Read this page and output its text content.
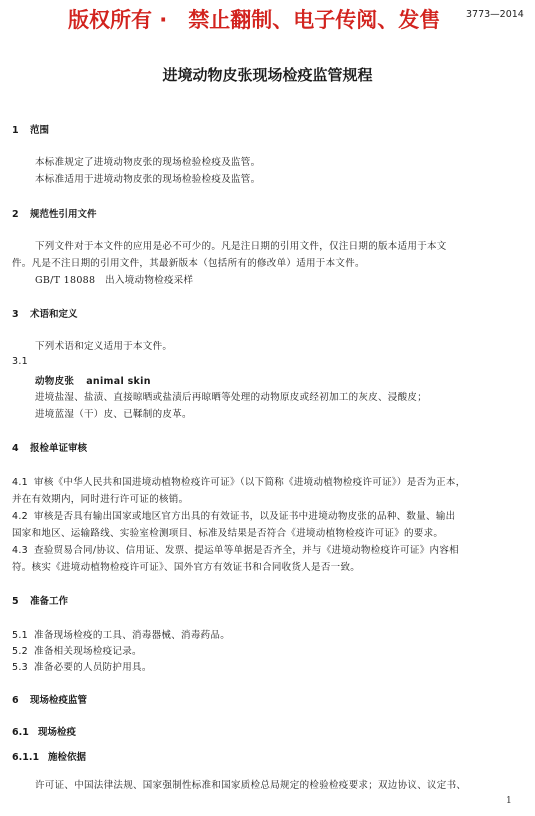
版权所有 ·　禁止翻制、电子传阅、发售	3773—2014
进境动物皮张现场检疫监管规程
1 范围
本标准规定了进境动物皮张的现场检验检疫及监管。
本标准适用于进境动物皮张的现场检验检疫及监管。
2 规范性引用文件
下列文件对于本文件的应用是必不可少的。凡是注日期的引用文件，仅注日期的版本适用于本文
件。凡是不注日期的引用文件，其最新版本（包括所有的修改单）适用于本文件。
GB/T 18088　出入境动物检疫采样
3 术语和定义
下列术语和定义适用于本文件。
3.1
动物皮张 animal skin
进境盐湿、盐渍、直接晾晒或盐渍后再晾晒等处理的动物原皮或经初加工的灰皮、浸酸皮；
进境蓝湿（干）皮、已鞣制的皮革。
4 报检单证审核
4.1 审核《中华人民共和国进境动植物检疫许可证》（以下简称《进境动植物检疫许可证》）是否为正本，
并在有效期内，同时进行许可证的核销。
4.2 审核是否具有输出国家或地区官方出具的有效证书，以及证书中进境动物皮张的品种、数量、输出
国家和地区、运输路线、实验室检测项目、标准及结果是否符合《进境动植物检疫许可证》的要求。
4.3 查验贸易合同/协议、信用证、发票、提运单等单据是否齐全，并与《进境动物检疫许可证》内容相
符。核实《进境动植物检疫许可证》、国外官方有效证书和合同收货人是否一致。
5 准备工作
5.1 准备现场检疫的工具、消毒器械、消毒药品。
5.2 准备相关现场检疫记录。
5.3 准备必要的人员防护用具。
6 现场检疫监管
6.1 现场检疫
6.1.1 施检依据
许可证、中国法律法规、国家强制性标准和国家质检总局规定的检验检疫要求；双边协议、议定书、
1
